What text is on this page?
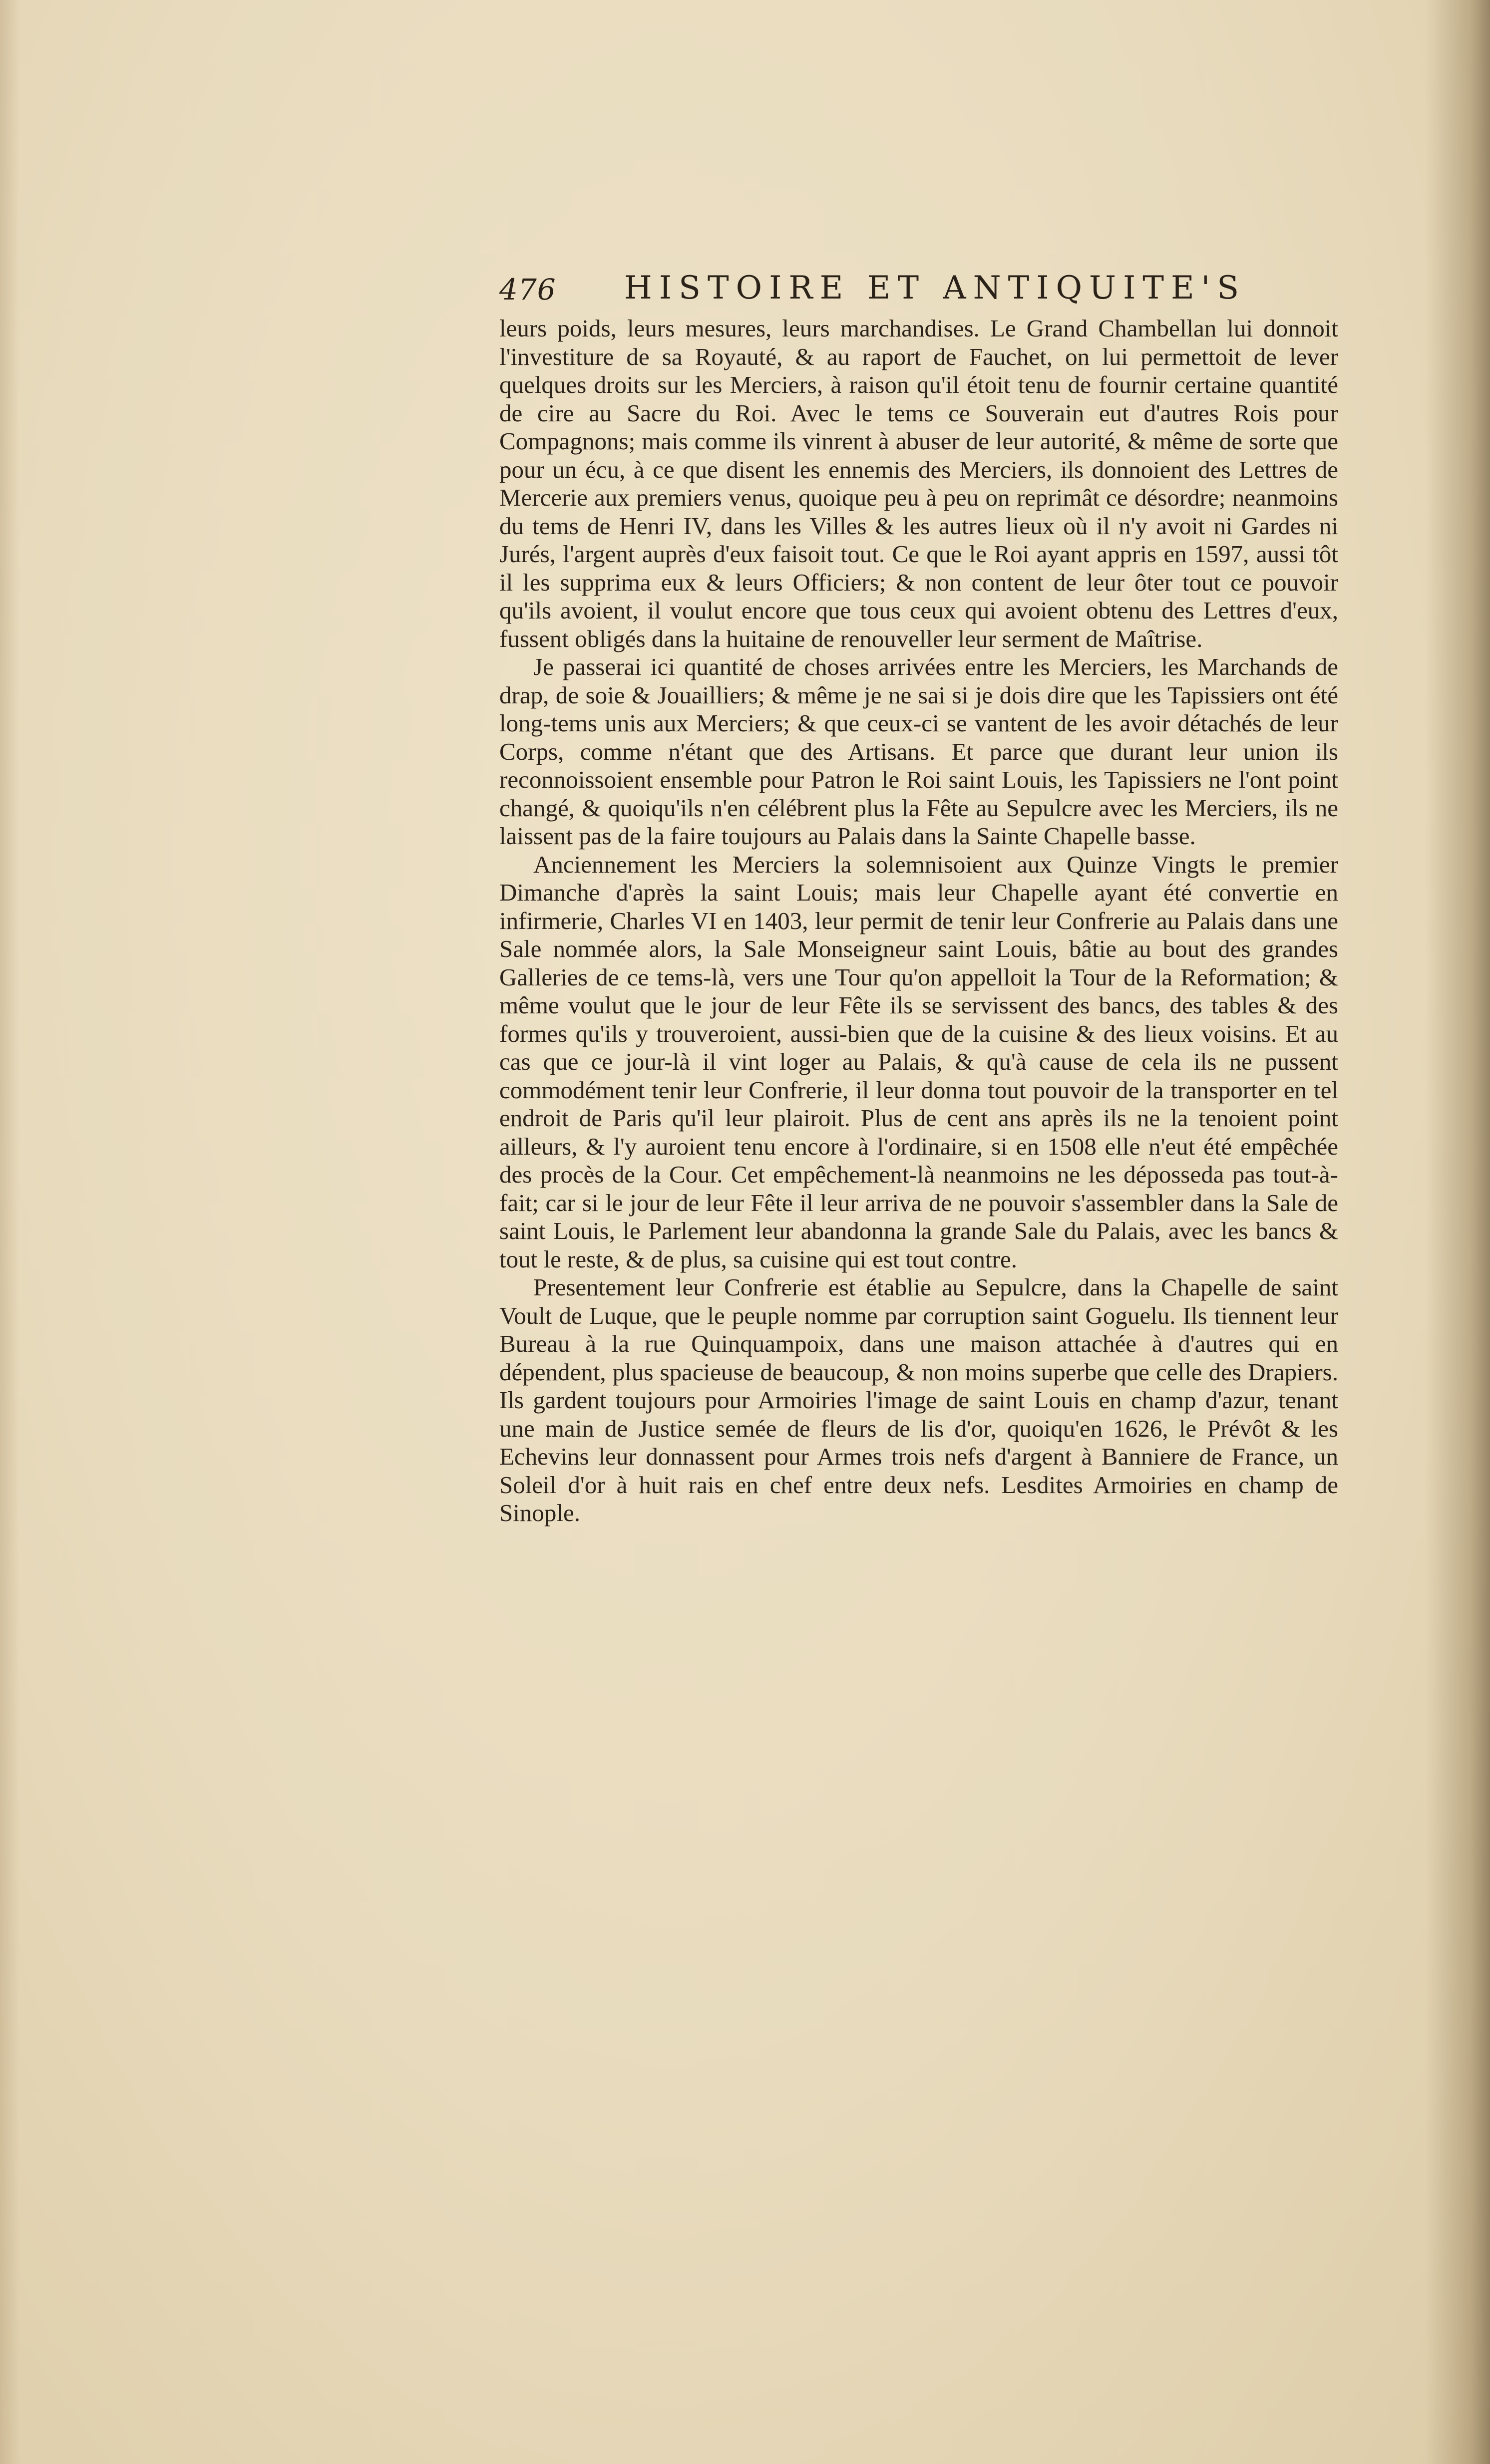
476 HISTOIRE ET ANTIQUITE'S

leurs poids, leurs mesures, leurs marchandises. Le Grand Chambellan lui donnoit l'investiture de sa Royauté, & au raport de Fauchet, on lui permettoit de lever quelques droits sur les Merciers, à raison qu'il étoit tenu de fournir certaine quantité de cire au Sacre du Roi. Avec le tems ce Souverain eut d'autres Rois pour Compagnons; mais comme ils vinrent à abuser de leur autorité, & même de sorte que pour un écu, à ce que disent les ennemis des Merciers, ils donnoient des Lettres de Mercerie aux premiers venus, quoique peu à peu on reprimât ce désordre; neanmoins du tems de Henri IV, dans les Villes & les autres lieux où il n'y avoit ni Gardes ni Jurés, l'argent auprès d'eux faisoit tout. Ce que le Roi ayant appris en 1597, aussi tôt il les supprima eux & leurs Officiers; & non content de leur ôter tout ce pouvoir qu'ils avoient, il voulut encore que tous ceux qui avoient obtenu des Lettres d'eux, fussent obligés dans la huitaine de renouveller leur serment de Maîtrise.

Je passerai ici quantité de choses arrivées entre les Merciers, les Marchands de drap, de soie & Jouailliers; & même je ne sai si je dois dire que les Tapissiers ont été long-tems unis aux Merciers; & que ceux-ci se vantent de les avoir détachés de leur Corps, comme n'étant que des Artisans. Et parce que durant leur union ils reconnoissoient ensemble pour Patron le Roi saint Louis, les Tapissiers ne l'ont point changé, & quoiqu'ils n'en célébrent plus la Fête au Sepulcre avec les Merciers, ils ne laissent pas de la faire toujours au Palais dans la Sainte Chapelle basse.

Anciennement les Merciers la solemnisoient aux Quinze Vingts le premier Dimanche d'après la saint Louis; mais leur Chapelle ayant été convertie en infirmerie, Charles VI en 1403, leur permit de tenir leur Confrerie au Palais dans une Sale nommée alors, la Sale Monseigneur saint Louis, bâtie au bout des grandes Galleries de ce tems-là, vers une Tour qu'on appelloit la Tour de la Reformation; & même voulut que le jour de leur Fête ils se servissent des bancs, des tables & des formes qu'ils y trouveroient, aussi-bien que de la cuisine & des lieux voisins. Et au cas que ce jour-là il vint loger au Palais, & qu'à cause de cela ils ne pussent commodément tenir leur Confrerie, il leur donna tout pouvoir de la transporter en tel endroit de Paris qu'il leur plairoit. Plus de cent ans après ils ne la tenoient point ailleurs, & l'y auroient tenu encore à l'ordinaire, si en 1508 elle n'eut été empêchée des procès de la Cour. Cet empêchement-là neanmoins ne les dépossedа pas tout-à-fait; car si le jour de leur Fête il leur arriva de ne pouvoir s'assembler dans la Sale de saint Louis, le Parlement leur abandonna la grande Sale du Palais, avec les bancs & tout le reste, & de plus, sa cuisine qui est tout contre.

Presentement leur Confrerie est établie au Sepulcre, dans la Chapelle de saint Voult de Luque, que le peuple nomme par corruption saint Goguelu. Ils tiennent leur Bureau à la rue Quinquampoix, dans une maison attachée à d'autres qui en dépendent, plus spacieuse de beaucoup, & non moins superbe que celle des Drapiers. Ils gardent toujours pour Armoiries l'image de saint Louis en champ d'azur, tenant une main de Justice semée de fleurs de lis d'or, quoiqu'en 1626, le Prévôt & les Echevins leur donnassent pour Armes trois nefs d'argent à Banniere de France, un Soleil d'or à huit rais en chef entre deux nefs. Lesdites Armoiries en champ de Sinople.
